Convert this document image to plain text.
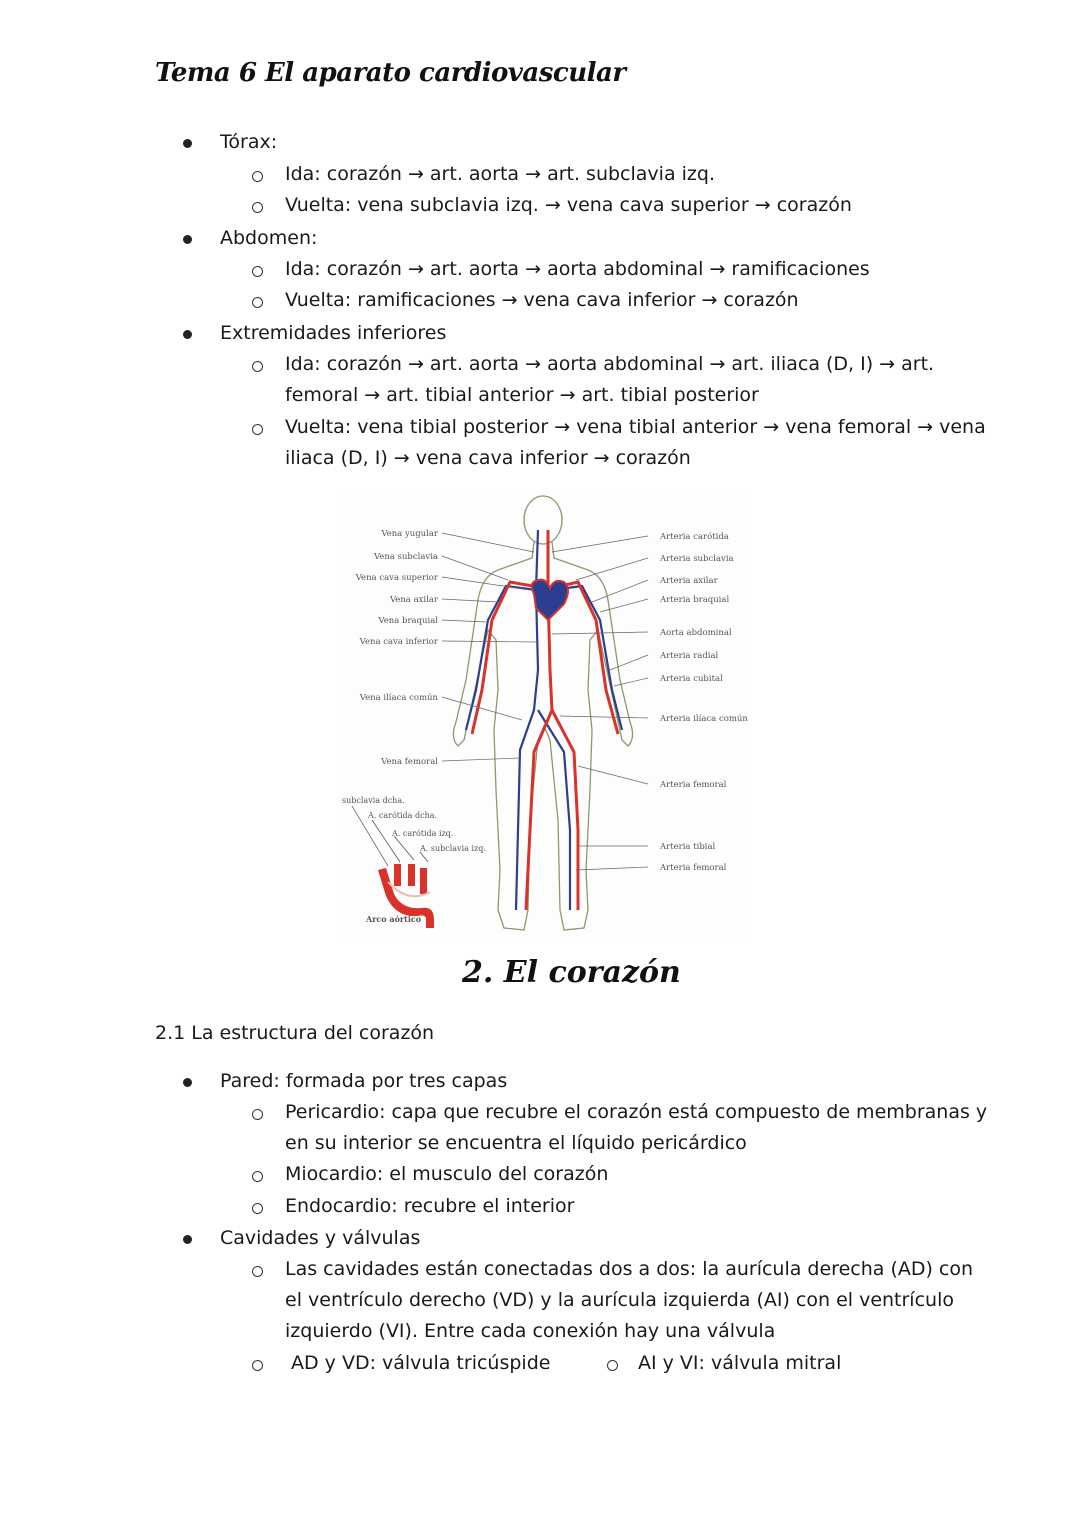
Tema 6 El aparato cardiovascular
Tórax:
Ida: corazón → art. aorta → art. subclavia izq.
Vuelta: vena subclavia izq. → vena cava superior → corazón
Abdomen:
Ida: corazón → art. aorta → aorta abdominal → ramificaciones
Vuelta: ramificaciones → vena cava inferior → corazón
Extremidades inferiores
Ida: corazón → art. aorta → aorta abdominal → art. iliaca (D, I) → art.
femoral → art. tibial anterior → art. tibial posterior
Vuelta: vena tibial posterior → vena tibial anterior → vena femoral → vena
iliaca (D, I) → vena cava inferior → corazón
Vena yugular
Vena subclavia
Vena cava superior
Vena axilar
Vena braquial
Vena cava inferior
Vena ilíaca común
Vena femoral
Arteria carótida
Arteria subclavia
Arteria axilar
Arteria braquial
Aorta abdominal
Arteria radial
Arteria cubital
Arteria ilíaca común
Arteria femoral
Arteria tibial
Arteria femoral
subclavia dcha.
A. carótida dcha.
A. carótida izq.
A. subclavia izq.
Arco aórtico
2. El corazón
2.1 La estructura del corazón
Pared: formada por tres capas
Pericardio: capa que recubre el corazón está compuesto de membranas y
en su interior se encuentra el líquido pericárdico
Miocardio: el musculo del corazón
Endocardio: recubre el interior
Cavidades y válvulas
Las cavidades están conectadas dos a dos: la aurícula derecha (AD) con
el ventrículo derecho (VD) y la aurícula izquierda (AI) con el ventrículo
izquierdo (VI). Entre cada conexión hay una válvula
AD y VD: válvula tricúspide	AI y VI: válvula mitral
